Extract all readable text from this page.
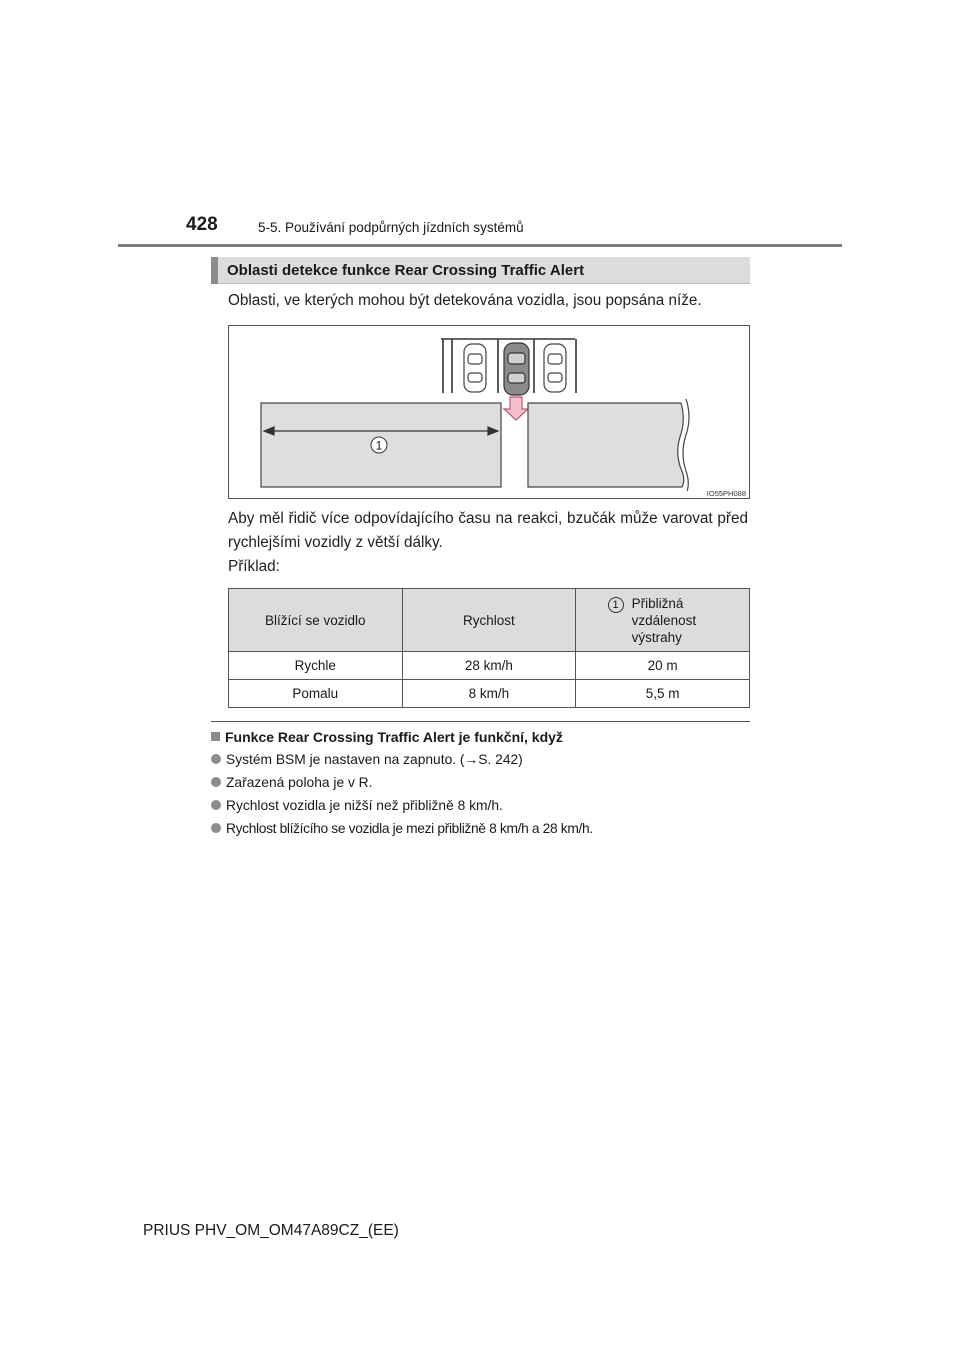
428	5-5. Používání podpůrných jízdních systémů
Oblasti detekce funkce Rear Crossing Traffic Alert
Oblasti, ve kterých mohou být detekována vozidla, jsou popsána níže.
1
IO55PH088
Aby měl řidič více odpovídajícího času na reakci, bzučák může varovat před rychlejšími vozidly z větší dálky.
Příklad:
Blížící se vozidlo	Rychlost	1 Přibližná vzdálenost výstrahy

Rychle	28 km/h	20 m
Pomalu	8 km/h	5,5 m
Funkce Rear Crossing Traffic Alert je funkční, když
Systém BSM je nastaven na zapnuto. (→S. 242)
Zařazená poloha je v R.
Rychlost vozidla je nižší než přibližně 8 km/h.
Rychlost blížícího se vozidla je mezi přibližně 8 km/h a 28 km/h.
PRIUS PHV_OM_OM47A89CZ_(EE)
